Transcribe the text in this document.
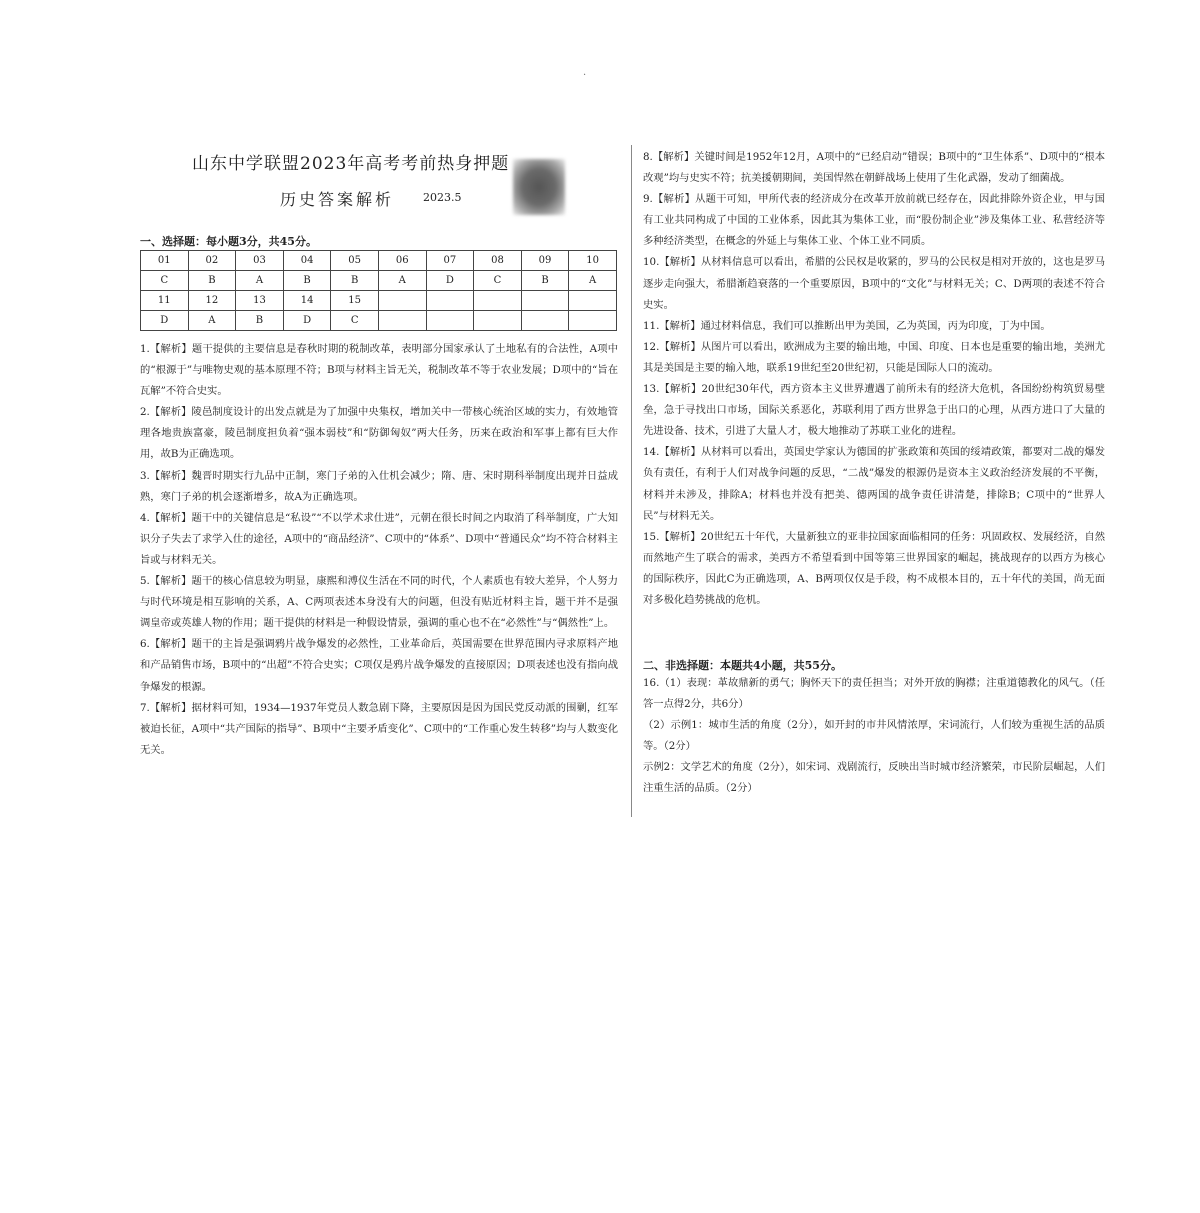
·
山东中学联盟2023年高考考前热身押题
历史答案解析	2023.5
一、选择题：每小题3分，共45分。
01	02	03	04	05	06	07	08	09	10
C	B	A	B	B	A	D	C	B	A
11	12	13	14	15					
D	A	B	D	C					

1.【解析】题干提供的主要信息是春秋时期的税制改革，表明部分国家承认了土地私有的合法性，A项中的“根源于”与唯物史观的基本原理不符；B项与材料主旨无关，税制改革不等于农业发展；D项中的“旨在瓦解”不符合史实。

2.【解析】陵邑制度设计的出发点就是为了加强中央集权，增加关中一带核心统治区域的实力，有效地管理各地贵族富豪，陵邑制度担负着“强本弱枝”和“防御匈奴”两大任务，历来在政治和军事上都有巨大作用，故B为正确选项。

3.【解析】魏晋时期实行九品中正制，寒门子弟的入仕机会减少；隋、唐、宋时期科举制度出现并日益成熟，寒门子弟的机会逐渐增多，故A为正确选项。

4.【解析】题干中的关键信息是“私设”“不以学术求仕进”，元朝在很长时间之内取消了科举制度，广大知识分子失去了求学入仕的途径，A项中的“商品经济”、C项中的“体系”、D项中“普通民众”均不符合材料主旨或与材料无关。

5.【解析】题干的核心信息较为明显，康熙和溥仪生活在不同的时代，个人素质也有较大差异，个人努力与时代环境是相互影响的关系，A、C两项表述本身没有大的问题，但没有贴近材料主旨，题干并不是强调皇帝或英雄人物的作用；题干提供的材料是一种假设情景，强调的重心也不在“必然性”与“偶然性”上。

6.【解析】题干的主旨是强调鸦片战争爆发的必然性，工业革命后，英国需要在世界范围内寻求原料产地和产品销售市场，B项中的“出超”不符合史实；C项仅是鸦片战争爆发的直接原因；D项表述也没有指向战争爆发的根源。

7.【解析】据材料可知，1934—1937年党员人数急剧下降，主要原因是因为国民党反动派的围剿，红军被迫长征，A项中“共产国际的指导”、B项中“主要矛盾变化”、C项中的“工作重心发生转移”均与人数变化无关。

8.【解析】关键时间是1952年12月，A项中的“已经启动”错误；B项中的“卫生体系”、D项中的“根本改观”均与史实不符；抗美援朝期间，美国悍然在朝鲜战场上使用了生化武器，发动了细菌战。

9.【解析】从题干可知，甲所代表的经济成分在改革开放前就已经存在，因此排除外资企业，甲与国有工业共同构成了中国的工业体系，因此其为集体工业，而“股份制企业”涉及集体工业、私营经济等多种经济类型，在概念的外延上与集体工业、个体工业不同质。

10.【解析】从材料信息可以看出，希腊的公民权是收紧的，罗马的公民权是相对开放的，这也是罗马逐步走向强大，希腊渐趋衰落的一个重要原因，B项中的“文化”与材料无关；C、D两项的表述不符合史实。

11.【解析】通过材料信息，我们可以推断出甲为美国，乙为英国，丙为印度，丁为中国。

12.【解析】从图片可以看出，欧洲成为主要的输出地，中国、印度、日本也是重要的输出地，美洲尤其是美国是主要的输入地，联系19世纪至20世纪初，只能是国际人口的流动。

13.【解析】20世纪30年代，西方资本主义世界遭遇了前所未有的经济大危机，各国纷纷构筑贸易壁垒，急于寻找出口市场，国际关系恶化，苏联利用了西方世界急于出口的心理，从西方进口了大量的先进设备、技术，引进了大量人才，极大地推动了苏联工业化的进程。

14.【解析】从材料可以看出，英国史学家认为德国的扩张政策和英国的绥靖政策，都要对二战的爆发负有责任，有利于人们对战争问题的反思，“二战”爆发的根源仍是资本主义政治经济发展的不平衡，材料并未涉及，排除A；材料也并没有把美、德两国的战争责任讲清楚，排除B；C项中的“世界人民”与材料无关。

15.【解析】20世纪五十年代，大量新独立的亚非拉国家面临相同的任务：巩固政权、发展经济，自然而然地产生了联合的需求，美西方不希望看到中国等第三世界国家的崛起，挑战现存的以西方为核心的国际秩序，因此C为正确选项，A、B两项仅仅是手段，构不成根本目的，五十年代的美国，尚无面对多极化趋势挑战的危机。

二、非选择题：本题共4小题，共55分。

16.（1）表现：革故鼎新的勇气；胸怀天下的责任担当；对外开放的胸襟；注重道德教化的风气。（任答一点得2分，共6分）

（2）示例1：城市生活的角度（2分），如开封的市井风情浓厚，宋词流行，人们较为重视生活的品质等。（2分）

示例2：文学艺术的角度（2分），如宋词、戏剧流行，反映出当时城市经济繁荣，市民阶层崛起，人们注重生活的品质。（2分）
